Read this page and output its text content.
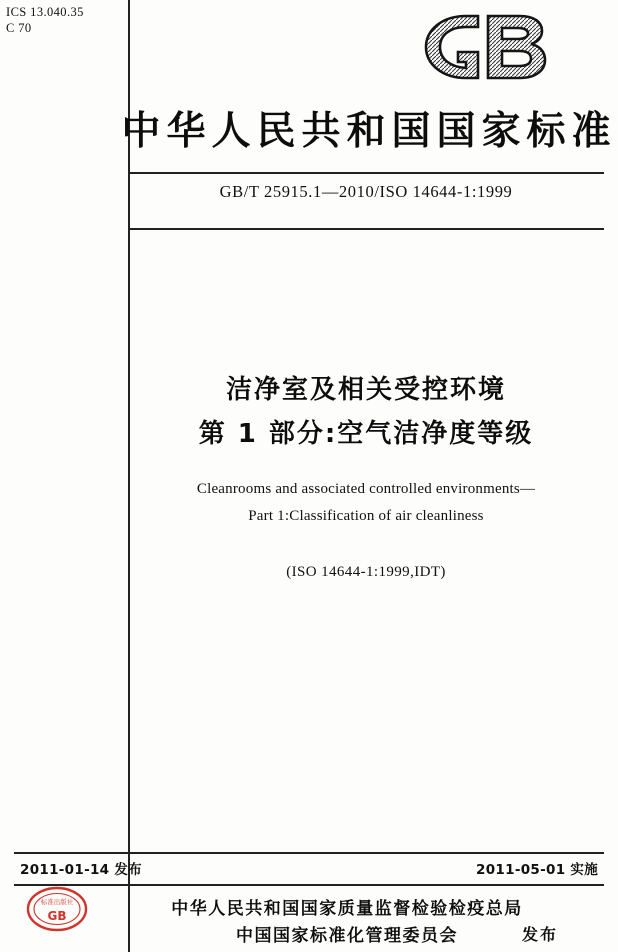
ICS 13.040.35
C 70
中华人民共和国国家标准
GB/T 25915.1—2010/ISO 14644-1:1999
洁净室及相关受控环境
第 1 部分:空气洁净度等级
Cleanrooms and associated controlled environments—
Part 1:Classification of air cleanliness
(ISO 14644-1:1999,IDT)
2011-01-14 发布	2011-05-01 实施
标准出版社
GB	中华人民共和国国家质量监督检验检疫总局
中国国家标准化管理委员会	发布
